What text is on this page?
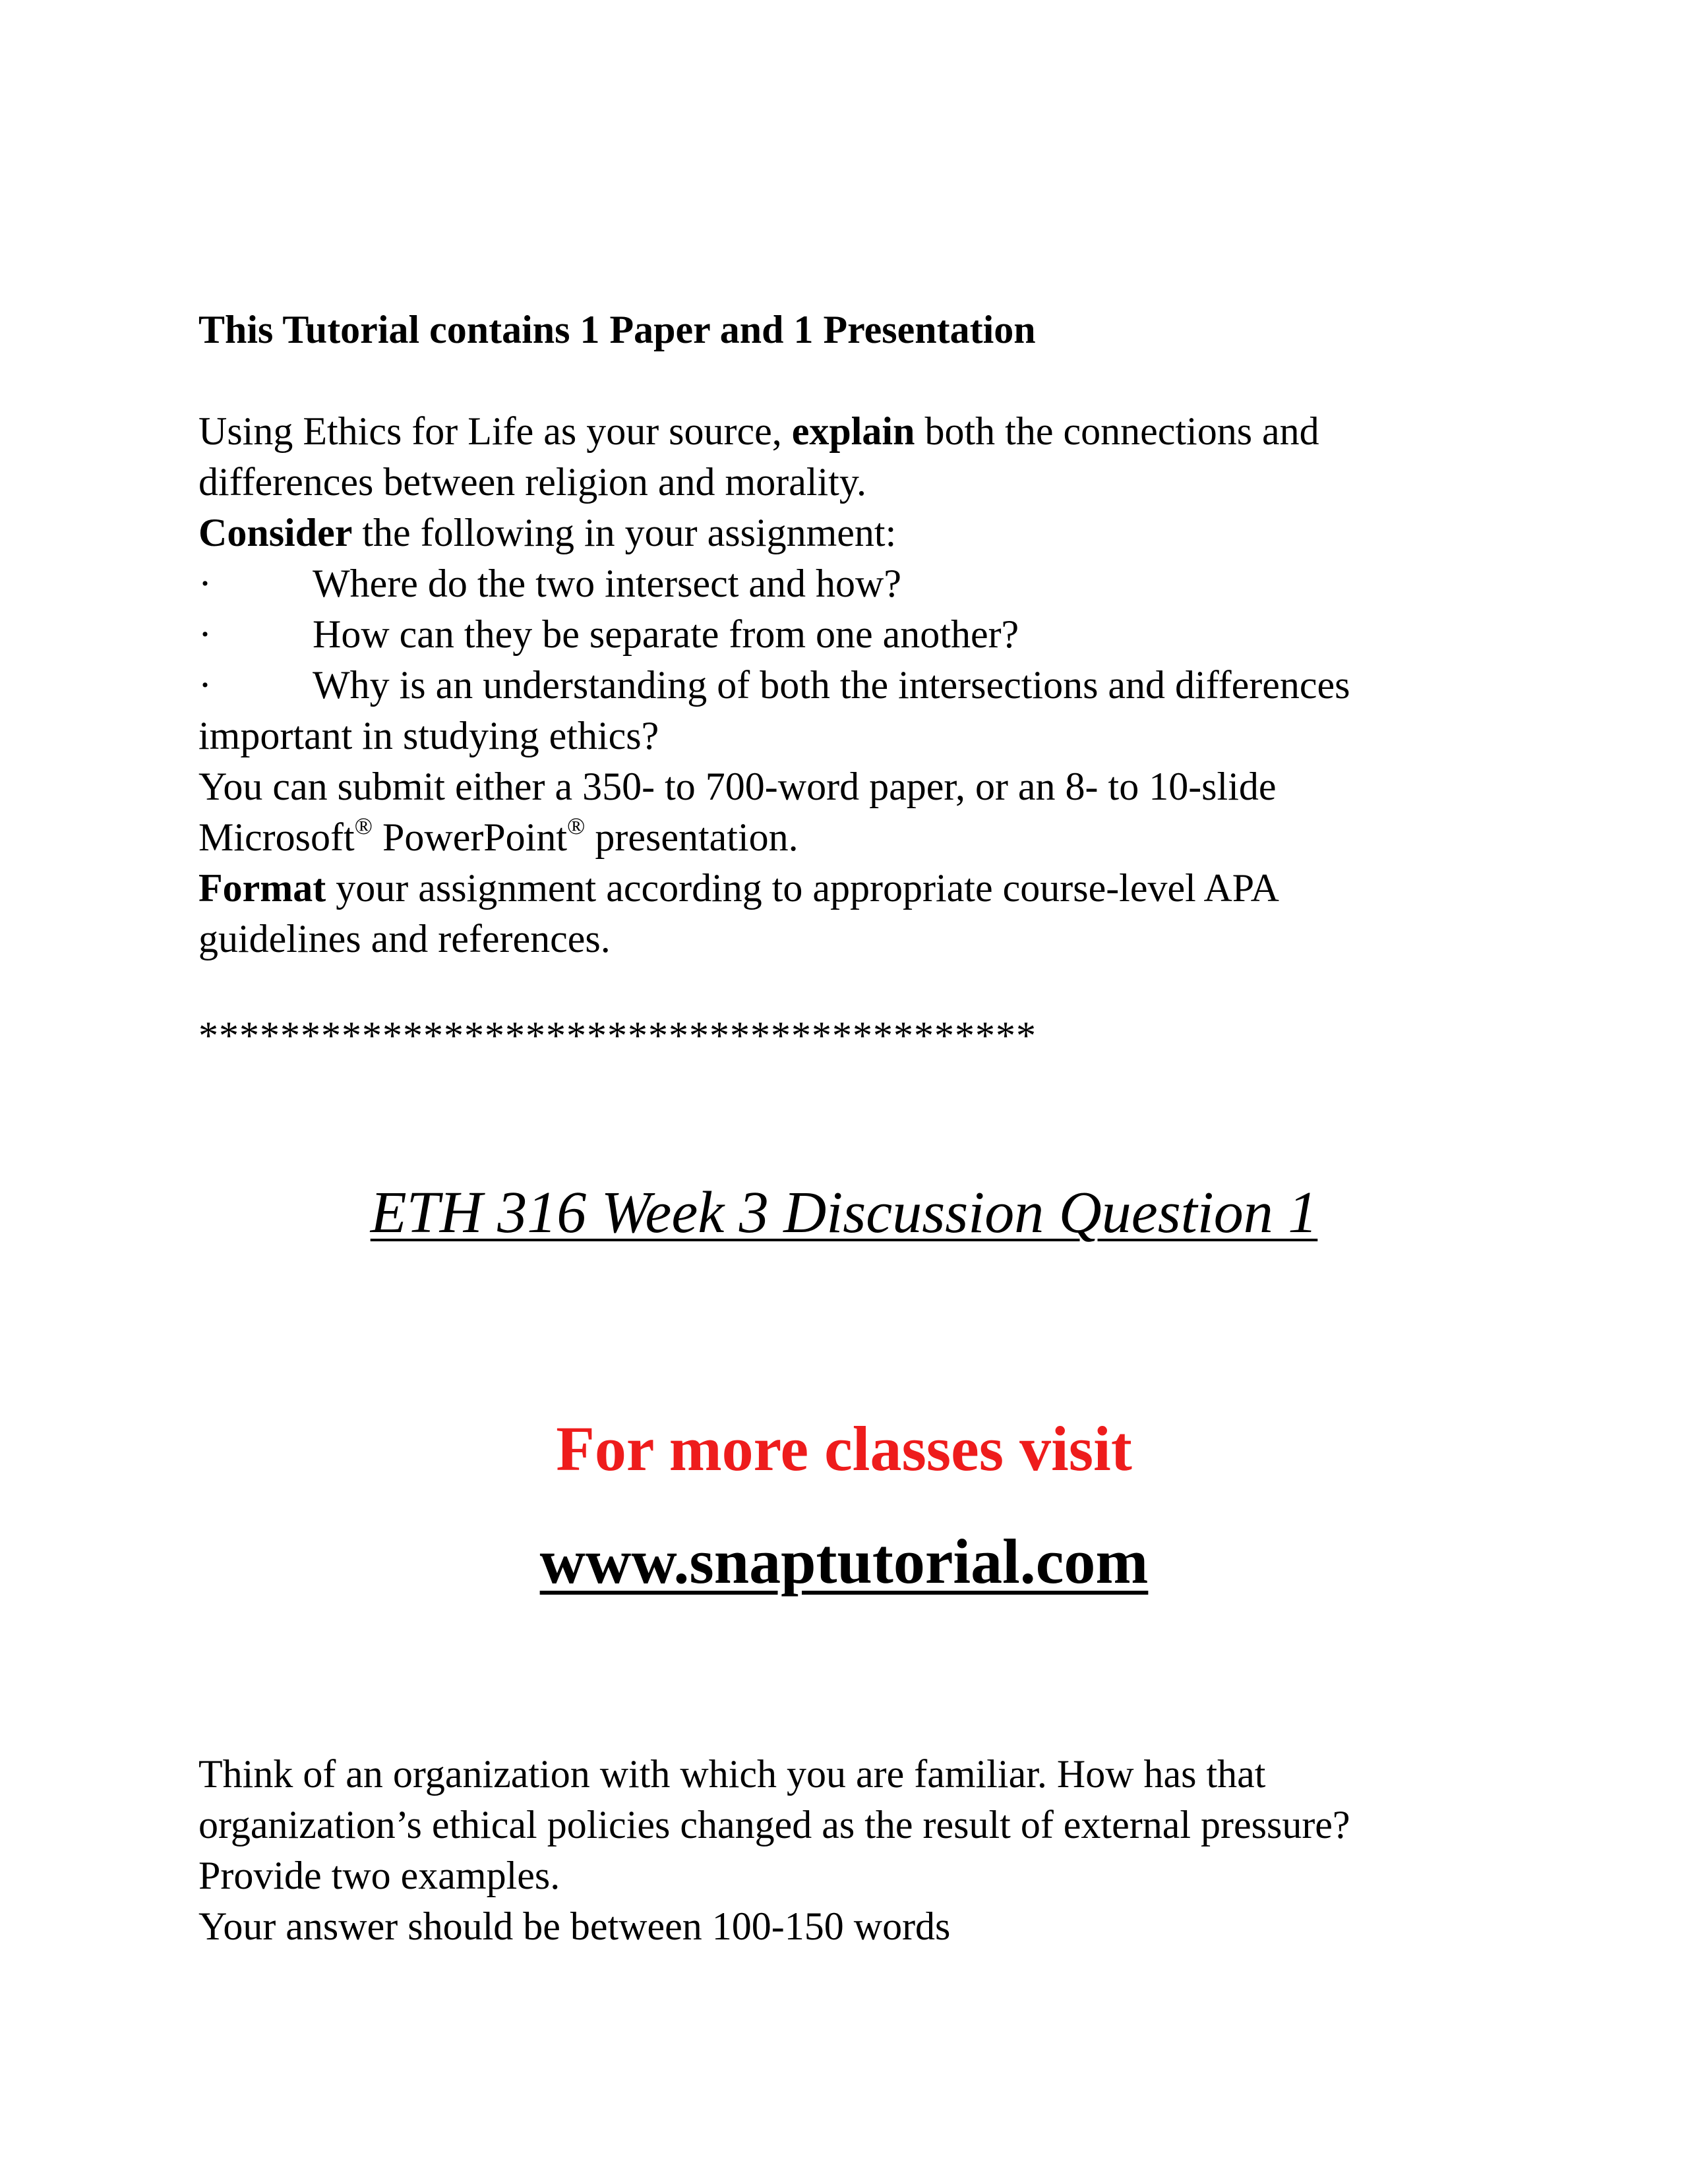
This Tutorial contains 1 Paper and 1 Presentation

Using Ethics for Life as your source, explain both the connections and
differences between religion and morality.
Consider the following in your assignment:
·	Where do the two intersect and how?
·	How can they be separate from one another?
·	Why is an understanding of both the intersections and differences
important in studying ethics?
You can submit either a 350- to 700-word paper, or an 8- to 10-slide
Microsoft® PowerPoint® presentation.
Format your assignment according to appropriate course-level APA
guidelines and references.

*****************************************

ETH 316 Week 3 Discussion Question 1

For more classes visit

www.snaptutorial.com

Think of an organization with which you are familiar. How has that
organization’s ethical policies changed as the result of external pressure?
Provide two examples.
Your answer should be between 100-150 words
